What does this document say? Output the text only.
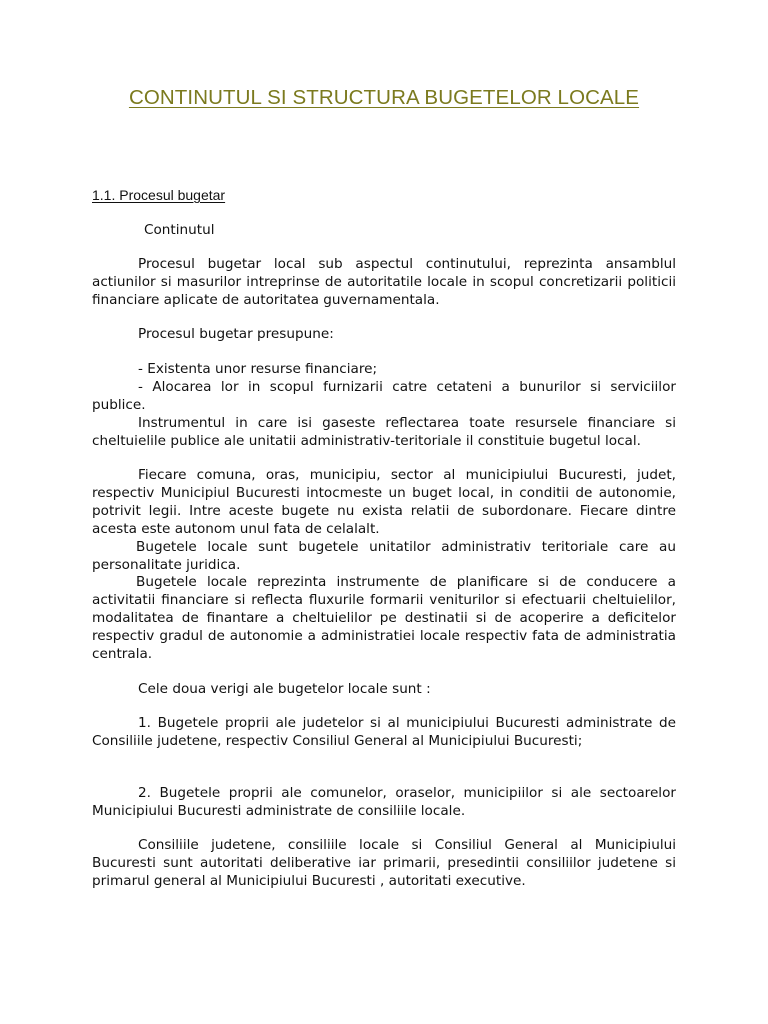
CONTINUTUL SI STRUCTURA BUGETELOR LOCALE
1.1. Procesul bugetar

Continutul

Procesul bugetar local sub aspectul continutului, reprezinta ansamblul actiunilor si masurilor intreprinse de autoritatile locale in scopul concretizarii politicii financiare aplicate de autoritatea guvernamentala.

Procesul bugetar presupune:

- Existenta unor resurse financiare;

- Alocarea lor in scopul furnizarii catre cetateni a bunurilor si serviciilor publice.

Instrumentul in care isi gaseste reflectarea toate resursele financiare si cheltuielile publice ale unitatii administrativ-teritoriale il constituie bugetul local.

Fiecare comuna, oras, municipiu, sector al municipiului Bucuresti, judet, respectiv Municipiul Bucuresti intocmeste un buget local, in conditii de autonomie, potrivit legii. Intre aceste bugete nu exista relatii de subordonare. Fiecare dintre acesta este autonom unul fata de celalalt.

Bugetele locale sunt bugetele unitatilor administrativ teritoriale care au personalitate juridica.

Bugetele locale reprezinta instrumente de planificare si de conducere a activitatii financiare si reflecta fluxurile formarii veniturilor si efectuarii cheltuielilor, modalitatea de finantare a cheltuielilor pe destinatii si de acoperire a deficitelor respectiv gradul de autonomie a administratiei locale respectiv fata de administratia centrala.

Cele doua verigi ale bugetelor locale sunt :

1. Bugetele proprii ale judetelor si al municipiului Bucuresti administrate de Consiliile judetene, respectiv Consiliul General al Municipiului Bucuresti;

2. Bugetele proprii ale comunelor, oraselor, municipiilor si ale sectoarelor Municipiului Bucuresti administrate de consiliile locale.

Consiliile judetene, consiliile locale si Consiliul General al Municipiului Bucuresti sunt autoritati deliberative iar primarii, presedintii consiliilor judetene si primarul general al Municipiului Bucuresti , autoritati executive.
